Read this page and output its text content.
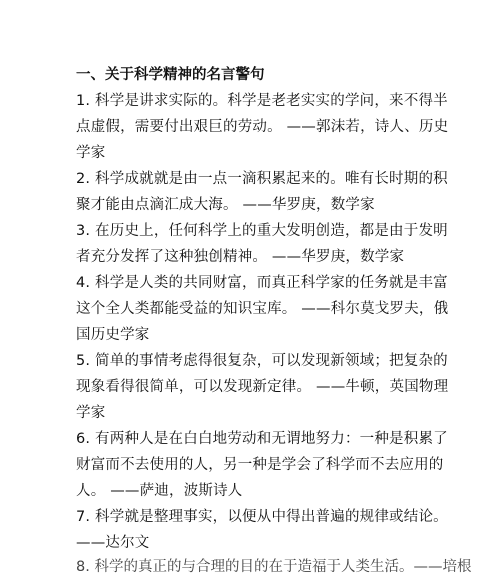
一、关于科学精神的名言警句
1. 科学是讲求实际的。科学是老老实实的学问，来不得半
点虚假，需要付出艰巨的劳动。 ——郭沫若，诗人、历史
学家
2. 科学成就就是由一点一滴积累起来的。唯有长时期的积
聚才能由点滴汇成大海。 ——华罗庚，数学家
3. 在历史上，任何科学上的重大发明创造，都是由于发明
者充分发挥了这种独创精神。 ——华罗庚，数学家
4. 科学是人类的共同财富，而真正科学家的任务就是丰富
这个全人类都能受益的知识宝库。 ——科尔莫戈罗夫，俄
国历史学家
5. 简单的事情考虑得很复杂，可以发现新领域；把复杂的
现象看得很简单，可以发现新定律。 ——牛顿，英国物理
学家
6. 有两种人是在白白地劳动和无谓地努力：一种是积累了
财富而不去使用的人，另一种是学会了科学而不去应用的
人。 ——萨迪，波斯诗人
7. 科学就是整理事实，以便从中得出普遍的规律或结论。
——达尔文
8. 科学的真正的与合理的目的在于造福于人类生活。——培根
